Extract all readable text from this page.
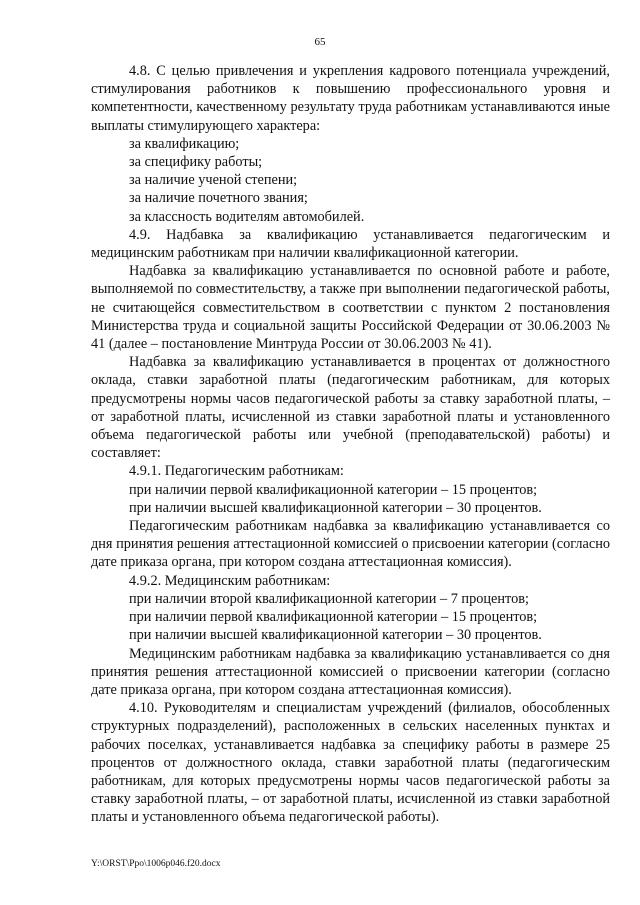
65

4.8. С целью привлечения и укрепления кадрового потенциала учреждений, стимулирования работников к повышению профессионального уровня и компетентности, качественному результату труда работникам устанавливаются иные выплаты стимулирующего характера:

за квалификацию;

за специфику работы;

за наличие ученой степени;

за наличие почетного звания;

за классность водителям автомобилей.

4.9. Надбавка за квалификацию устанавливается педагогическим и медицинским работникам при наличии квалификационной категории.

Надбавка за квалификацию устанавливается по основной работе и работе, выполняемой по совместительству, а также при выполнении педагогической работы, не считающейся совместительством в соответствии с пунктом 2 постановления Министерства труда и социальной защиты Российской Федерации от 30.06.2003 № 41 (далее – постановление Минтруда России от 30.06.2003 № 41).

Надбавка за квалификацию устанавливается в процентах от должностного оклада, ставки заработной платы (педагогическим работникам, для которых предусмотрены нормы часов педагогической работы за ставку заработной платы, – от заработной платы, исчисленной из ставки заработной платы и установленного объема педагогической работы или учебной (преподавательской) работы) и составляет:

4.9.1. Педагогическим работникам:

при наличии первой квалификационной категории – 15 процентов;

при наличии высшей квалификационной категории – 30 процентов.

Педагогическим работникам надбавка за квалификацию устанавливается со дня принятия решения аттестационной комиссией о присвоении категории (согласно дате приказа органа, при котором создана аттестационная комиссия).

4.9.2. Медицинским работникам:

при наличии второй квалификационной категории – 7 процентов;

при наличии первой квалификационной категории – 15 процентов;

при наличии высшей квалификационной категории – 30 процентов.

Медицинским работникам надбавка за квалификацию устанавливается со дня принятия решения аттестационной комиссией о присвоении категории (согласно дате приказа органа, при котором создана аттестационная комиссия).

4.10. Руководителям и специалистам учреждений (филиалов, обособленных структурных подразделений), расположенных в сельских населенных пунктах и рабочих поселках, устанавливается надбавка за специфику работы в размере 25 процентов от должностного оклада, ставки заработной платы (педагогическим работникам, для которых предусмотрены нормы часов педагогической работы за ставку заработной платы, – от заработной платы, исчисленной из ставки заработной платы и установленного объема педагогической работы).

Y:\ORST\Ppo\1006p046.f20.docx
